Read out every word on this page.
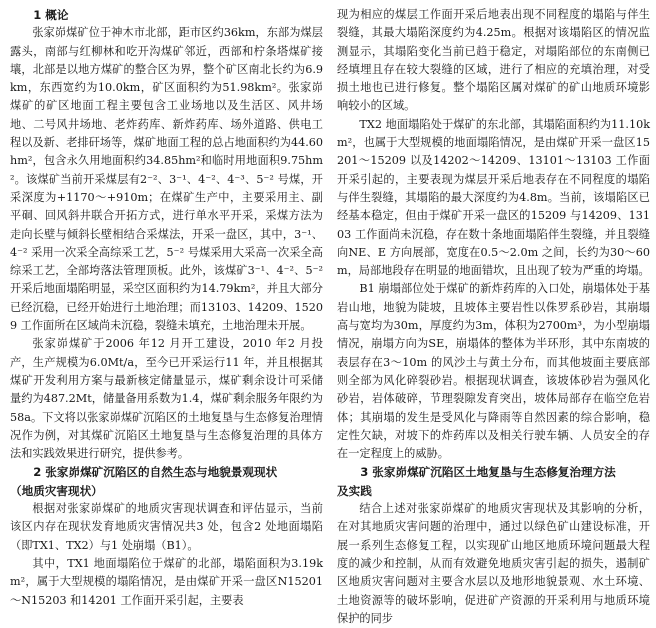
1 概论

张家峁煤矿位于神木市北部，距市区约36km，东部为煤层露头，南部与红柳林和吃开沟煤矿邻近，西部和柠条塔煤矿接壤，北部是以地方煤矿的整合区为界，整个矿区南北长约为6.9km，东西宽约为10.0km，矿区面积约为51.98km²。张家峁煤矿的矿区地面工程主要包含工业场地以及生活区、风井场地、二号风井场地、老炸药库、新炸药库、场外道路、供电工程以及新、老排矸场等，煤矿地面工程的总占地面积约为44.60hm²，包含永久用地面积约34.85hm²和临时用地面积9.75hm²。该煤矿当前开采煤层有2⁻²、3⁻¹、4⁻²、4⁻³、5⁻² 号煤，开采深度为+1170～+910m；在煤矿生产中，主要采用主、副平硐、回风斜井联合开拓方式，进行单水平开采，采煤方法为走向长壁与倾斜长壁相结合采煤法，开采一盘区，其中，3⁻¹、4⁻² 采用一次采全高综采工艺，5⁻² 号煤采用大采高一次采全高综采工艺，全部垮落法管理顶板。此外，该煤矿3⁻¹、4⁻²、5⁻² 开采后地面塌陷明显，采空区面积约为14.79km²，并且大部分已经沉稳，已经开始进行土地治理；而13103、14209、15209 工作面所在区域尚未沉稳，裂缝未填充，土地治理未开展。

张家峁煤矿于2006 年12 月开工建设，2010 年2 月投产，生产规模为6.0Mt/a，至今已开采运行11 年，并且根据其煤矿开发利用方案与最新核定储量显示，煤矿剩余设计可采储量约为487.2Mt，储量备用系数为1.4，煤矿剩余服务年限约为58a。下文将以张家峁煤矿沉陷区的土地复垦与生态修复治理情况作为例，对其煤矿沉陷区土地复垦与生态修复治理的具体方法和实践效果进行研究，提供参考。

2 张家峁煤矿沉陷区的自然生态与地貌景观现状
（地质灾害现状）

根据对张家峁煤矿的地质灾害现状调查和评估显示，当前该区内存在现状发育地质灾害情况共3 处，包含2 处地面塌陷（即TX1、TX2）与1 处崩塌（B1）。

其中，TX1 地面塌陷位于煤矿的北部，塌陷面积为3.19km²，属于大型规模的塌陷情况，是由煤矿开采一盘区N15201～N15203 和14201 工作面开采引起，主要表

现为相应的煤层工作面开采后地表出现不同程度的塌陷与伴生裂缝，其最大塌陷深度约为4.25m。根据对该塌陷区的情况监测显示，其塌陷变化当前已趋于稳定，对塌陷部位的东南侧已经填埋且存在较大裂缝的区域，进行了相应的充填治理，对受损土地也已进行修复。整个塌陷区属对煤矿的矿山地质环境影响较小的区域。

TX2 地面塌陷处于煤矿的东北部，其塌陷面积约为11.10km²，也属于大型规模的地面塌陷情况，是由煤矿开采一盘区15201～15209 以及14202～14209、13101～13103 工作面开采引起的，主要表现为煤层开采后地表存在不同程度的塌陷与伴生裂缝，其塌陷的最大深度约为4.8m。当前，该塌陷区已经基本稳定，但由于煤矿开采一盘区的15209 与14209、13103 工作面尚未沉稳，存在数十条地面塌陷伴生裂缝，并且裂缝向NE、E 方向展部，宽度在0.5～2.0m 之间，长约为30～60m，局部地段存在明显的地面错坎，且出现了较为严重的垮塌。

B1 崩塌部位处于煤矿的新炸药库的入口处，崩塌体处于基岩山地，地貌为陡坡，且坡体主要岩性以侏罗系砂岩，其崩塌高与宽均为30m，厚度约为3m，体积为2700m³，为小型崩塌情况，崩塌方向为SE，崩塌体的整体为半环形，其中东南坡的表层存在3～10m 的风沙土与黄土分布，而其他坡面主要底部则全部为风化碎裂砂岩。根据现状调查，该坡体砂岩为强风化砂岩，岩体破碎，节理裂隙发育突出，坡体局部存在临空危岩体；其崩塌的发生是受风化与降雨等自然因素的综合影响，稳定性欠缺，对坡下的炸药库以及相关行驶车辆、人员安全的存在一定程度上的威胁。

3 张家峁煤矿沉陷区土地复垦与生态修复治理方法
及实践

结合上述对张家峁煤矿的地质灾害现状及其影响的分析，在对其地质灾害问题的治理中，通过以绿色矿山建设标准，开展一系列生态修复工程，以实现矿山地区地质环境问题最大程度的减少和控制，从而有效避免地质灾害引起的损失，遏制矿区地质灾害问题对主要含水层以及地形地貌景观、水土环境、土地资源等的破坏影响，促进矿产资源的开采利用与地质环境保护的同步
